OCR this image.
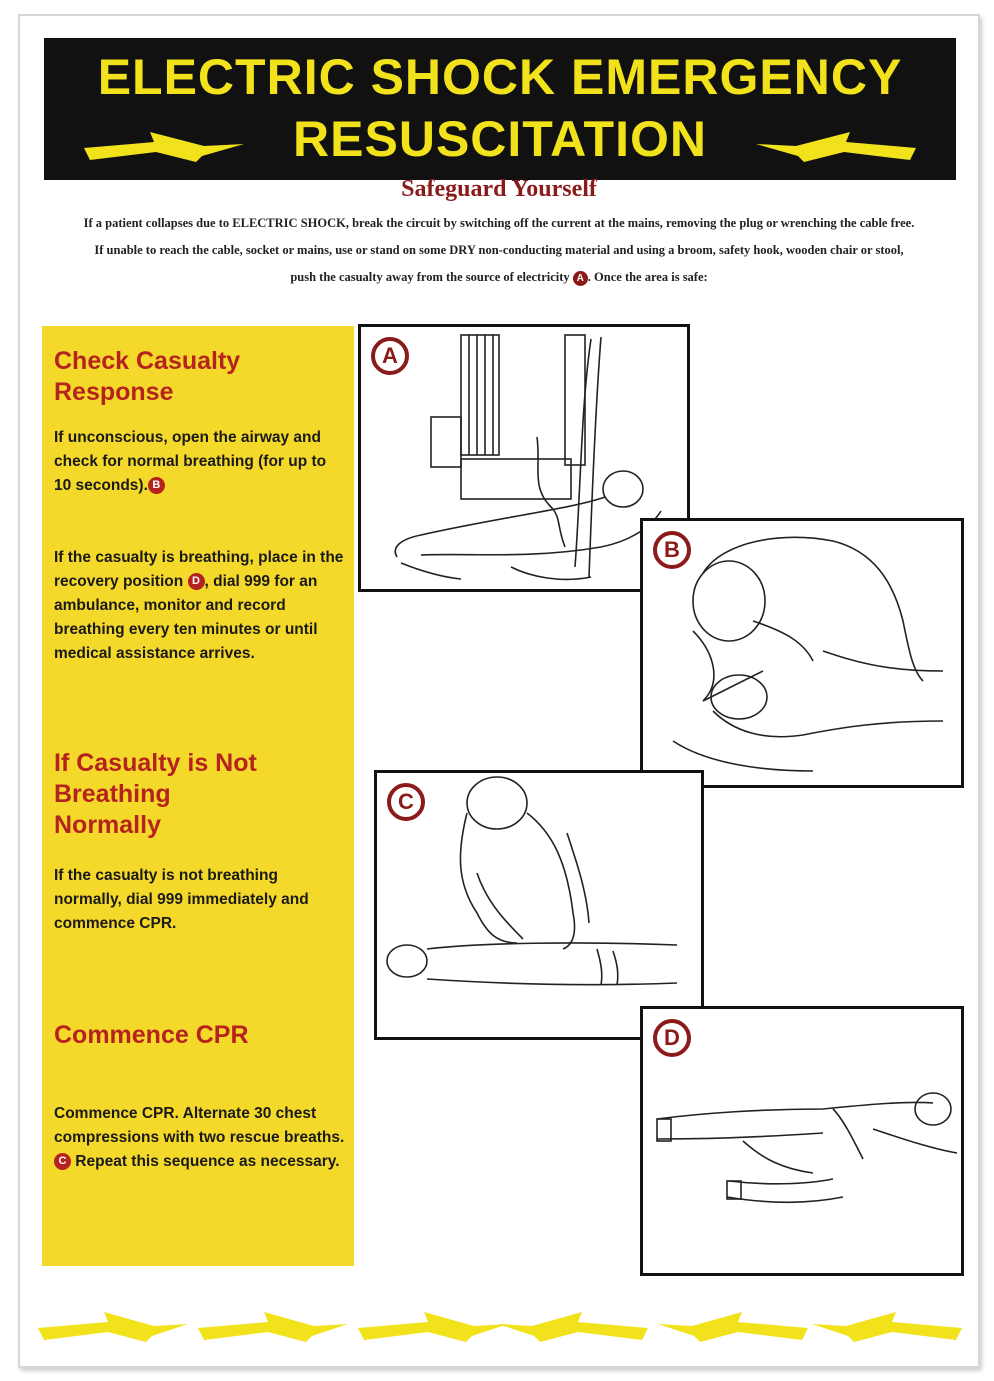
ELECTRIC SHOCK EMERGENCY
RESUSCITATION
Safeguard Yourself
If a patient collapses due to ELECTRIC SHOCK, break the circuit by switching off the current at the mains, removing the plug or wrenching the cable free. If unable to reach the cable, socket or mains, use or stand on some DRY non-conducting material and using a broom, safety hook, wooden chair or stool, push the casualty away from the source of electricity A . Once the area is safe:
Check Casualty Response
If unconscious, open the airway and check for normal breathing (for up to 10 seconds). B
If the casualty is breathing, place in the recovery position D , dial 999 for an ambulance, monitor and record breathing every ten minutes or until medical assistance arrives.
If Casualty is Not Breathing Normally
If the casualty is not breathing normally, dial 999 immediately and commence CPR.
Commence CPR
Commence CPR. Alternate 30 chest compressions with two rescue breaths.C Repeat this sequence as necessary.
A
B
C
D
